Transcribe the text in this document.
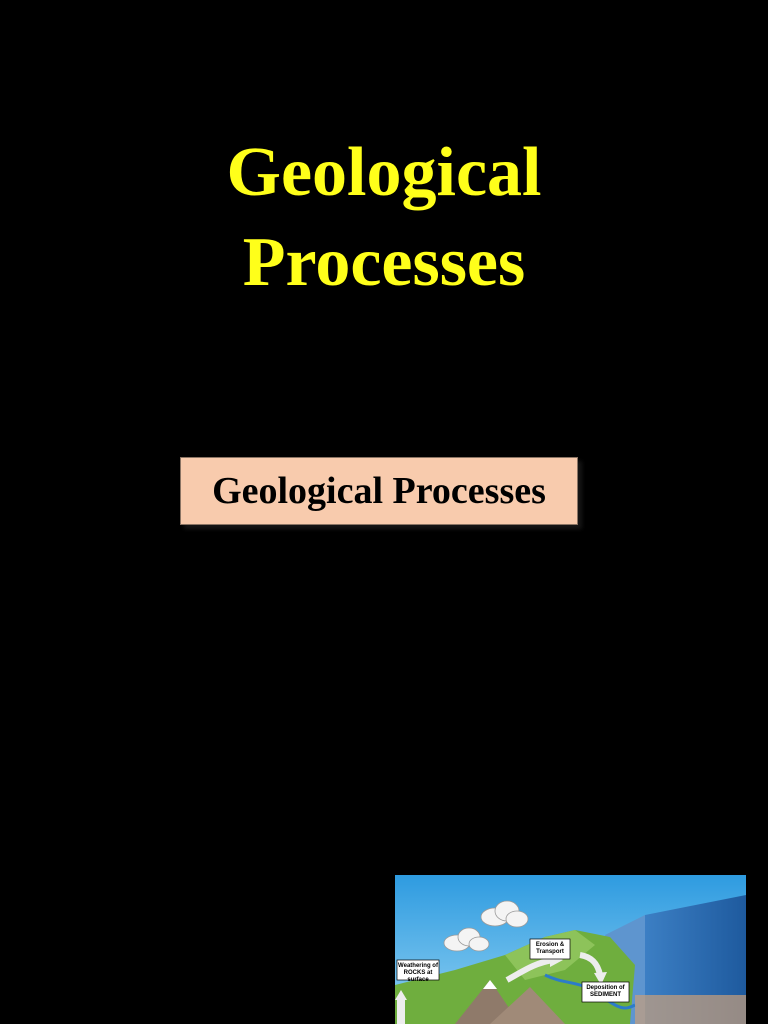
Geological
Processes
Geological Processes
• These are events that occur on geological timescale ranging between million of centuries, hundreds of meters, and thousands of kilometers.
• It describes the natural forces that shape the physical makeup of a planet.
• Plate tectonics, erosion, chemical weathering and sedimentation are all examples of forces that significantly affect the Earth’s surface and account for its major features.
Earthquakes and Volcanism	Weathering of ROCKS at surface
Erosion & Transport
Deposition of SEDIMENT
